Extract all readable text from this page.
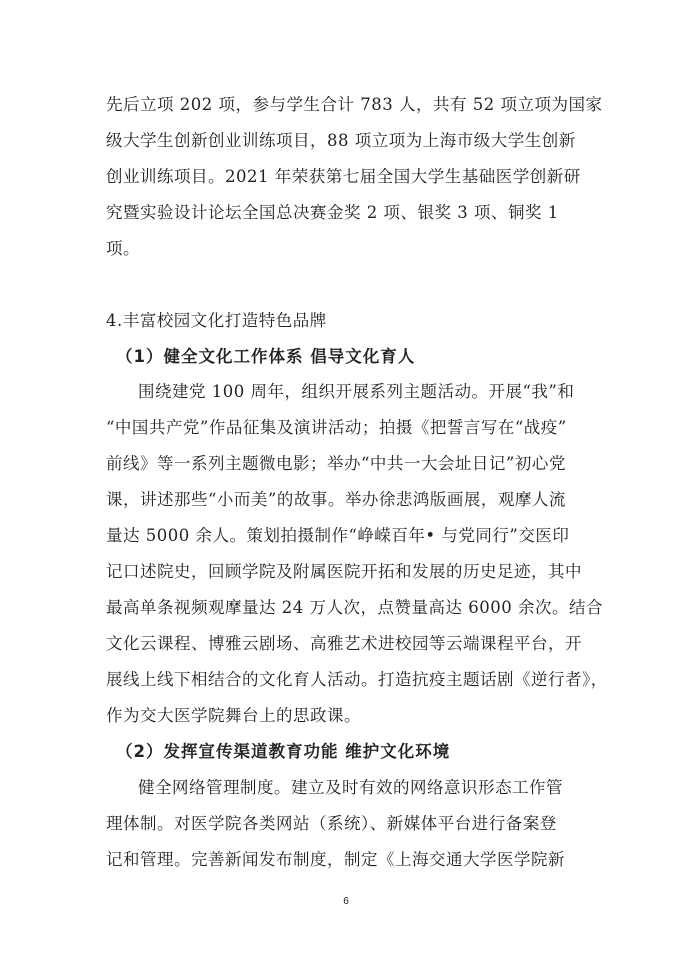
先后立项 202 项，参与学生合计 783 人，共有 52 项立项为国家
级大学生创新创业训练项目，88 项立项为上海市级大学生创新
创业训练项目。2021 年荣获第七届全国大学生基础医学创新研
究暨实验设计论坛全国总决赛金奖 2 项、银奖 3 项、铜奖 1
项。
4.丰富校园文化打造特色品牌
（1）健全文化工作体系 倡导文化育人
围绕建党 100 周年，组织开展系列主题活动。开展“我”和
“中国共产党”作品征集及演讲活动；拍摄《把誓言写在“战疫”
前线》等一系列主题微电影；举办“中共一大会址日记”初心党
课，讲述那些“小而美”的故事。举办徐悲鸿版画展，观摩人流
量达 5000 余人。策划拍摄制作“峥嵘百年• 与党同行”交医印
记口述院史，回顾学院及附属医院开拓和发展的历史足迹，其中
最高单条视频观摩量达 24 万人次，点赞量高达 6000 余次。结合
文化云课程、博雅云剧场、高雅艺术进校园等云端课程平台，开
展线上线下相结合的文化育人活动。打造抗疫主题话剧《逆行者》，
作为交大医学院舞台上的思政课。
（2）发挥宣传渠道教育功能 维护文化环境
健全网络管理制度。建立及时有效的网络意识形态工作管
理体制。对医学院各类网站（系统）、新媒体平台进行备案登
记和管理。完善新闻发布制度，制定《上海交通大学医学院新
6
